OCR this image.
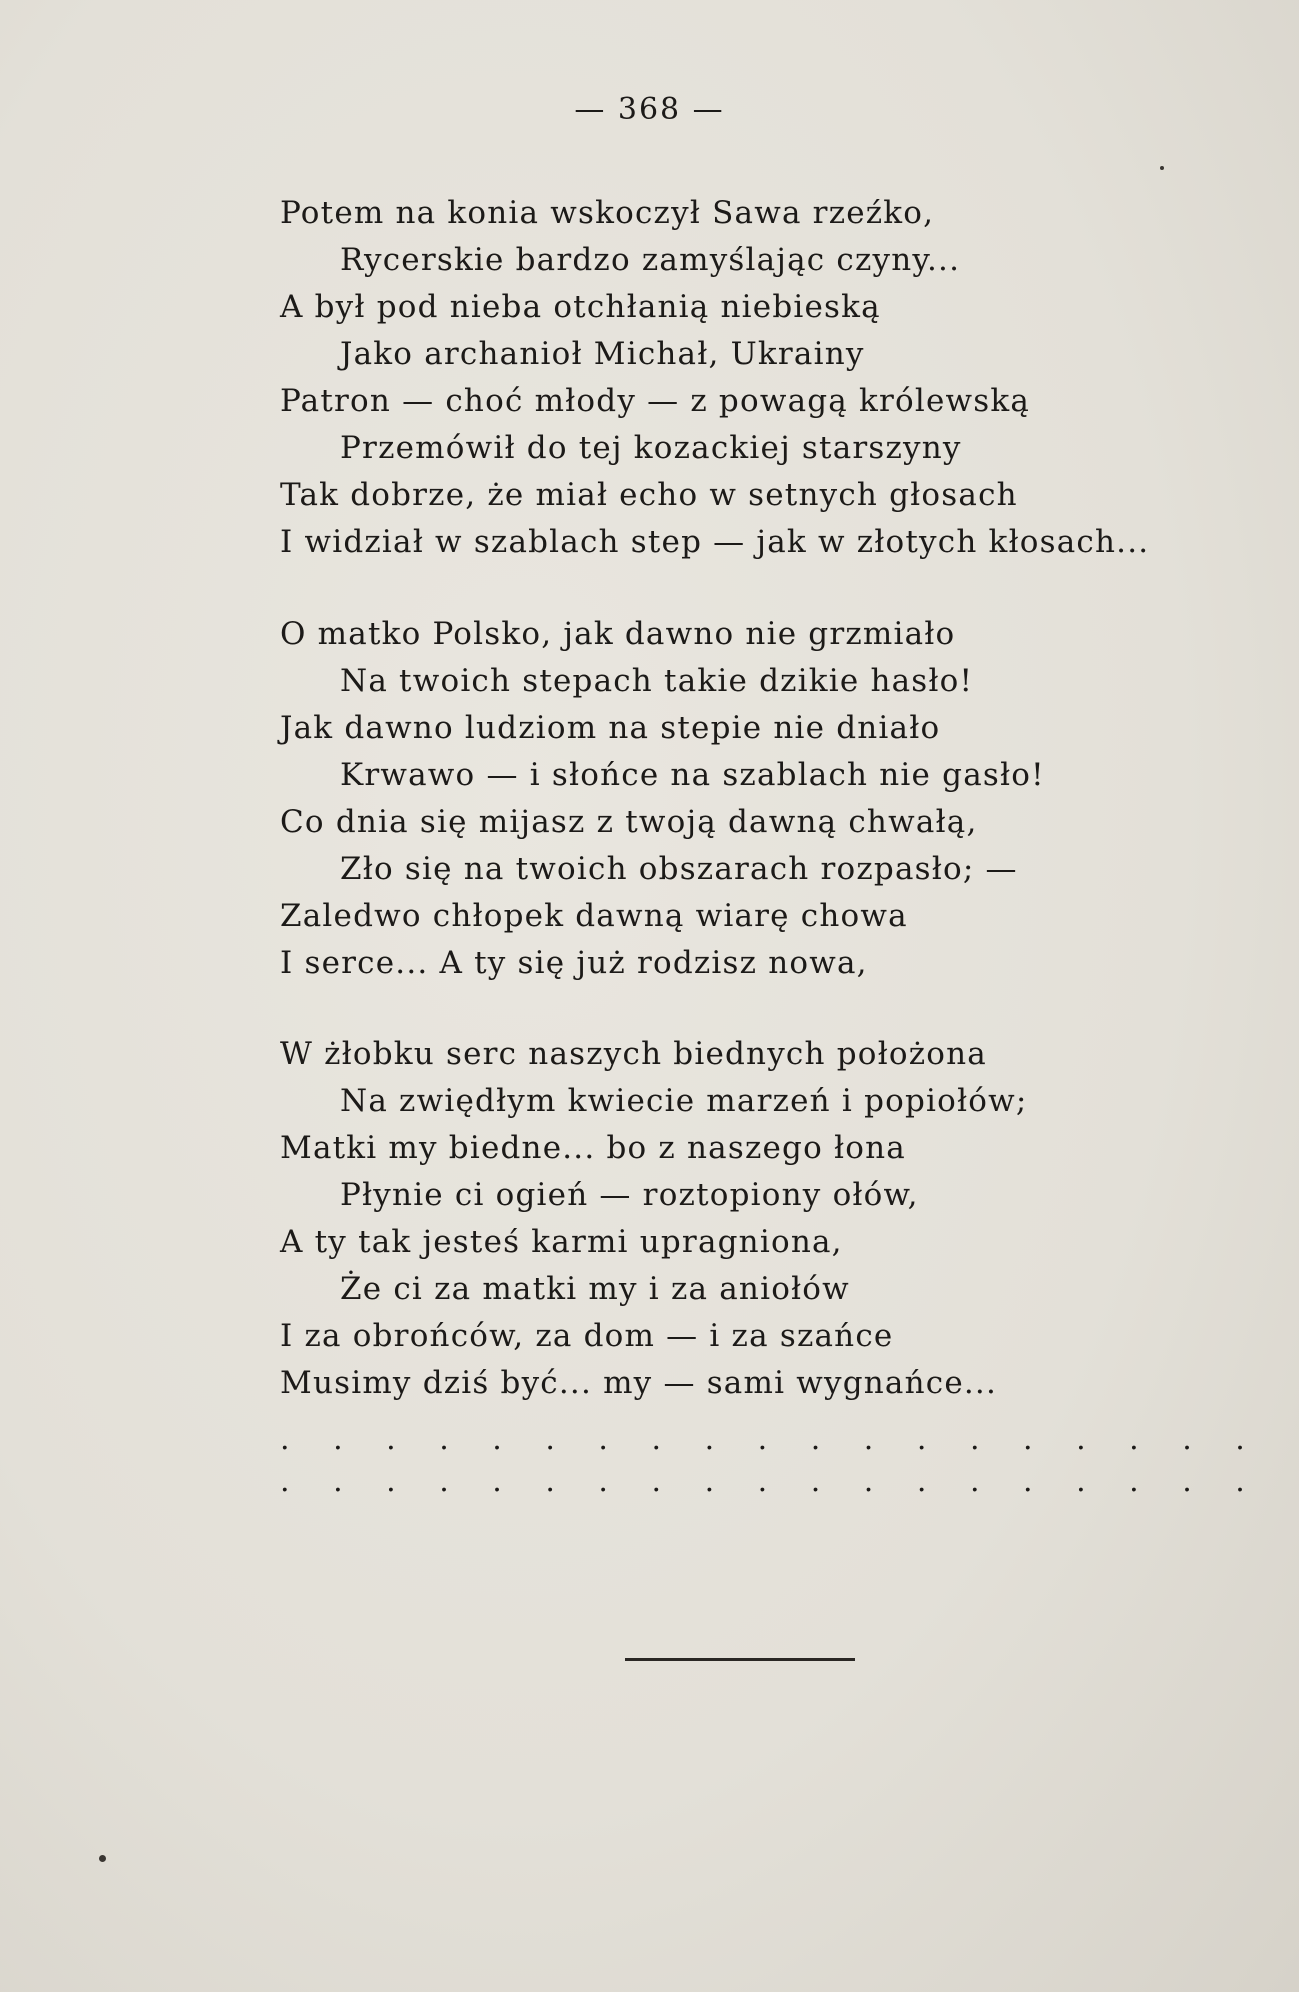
— 368 —
Potem na konia wskoczył Sawa rzeźko,
Rycerskie bardzo zamyślając czyny...
A był pod nieba otchłanią niebieską
Jako archanioł Michał, Ukrainy
Patron — choć młody — z powagą królewską
Przemówił do tej kozackiej starszyny
Tak dobrze, że miał echo w setnych głosach
I widział w szablach step — jak w złotych kłosach...
O matko Polsko, jak dawno nie grzmiało
Na twoich stepach takie dzikie hasło!
Jak dawno ludziom na stepie nie dniało
Krwawo — i słońce na szablach nie gasło!
Co dnia się mijasz z twoją dawną chwałą,
Zło się na twoich obszarach rozpasło; —
Zaledwo chłopek dawną wiarę chowa
I serce... A ty się już rodzisz nowa,
W żłobku serc naszych biednych położona
Na zwiędłym kwiecie marzeń i popiołów;
Matki my biedne... bo z naszego łona
Płynie ci ogień — roztopiony ołów,
A ty tak jesteś karmi upragniona,
Że ci za matki my i za aniołów
I za obrońców, za dom — i za szańce
Musimy dziś być... my — sami wygnańce...
. . . . . . . . . . . . . . . . . . .
. . . . . . . . . . . . . . . . . . .
